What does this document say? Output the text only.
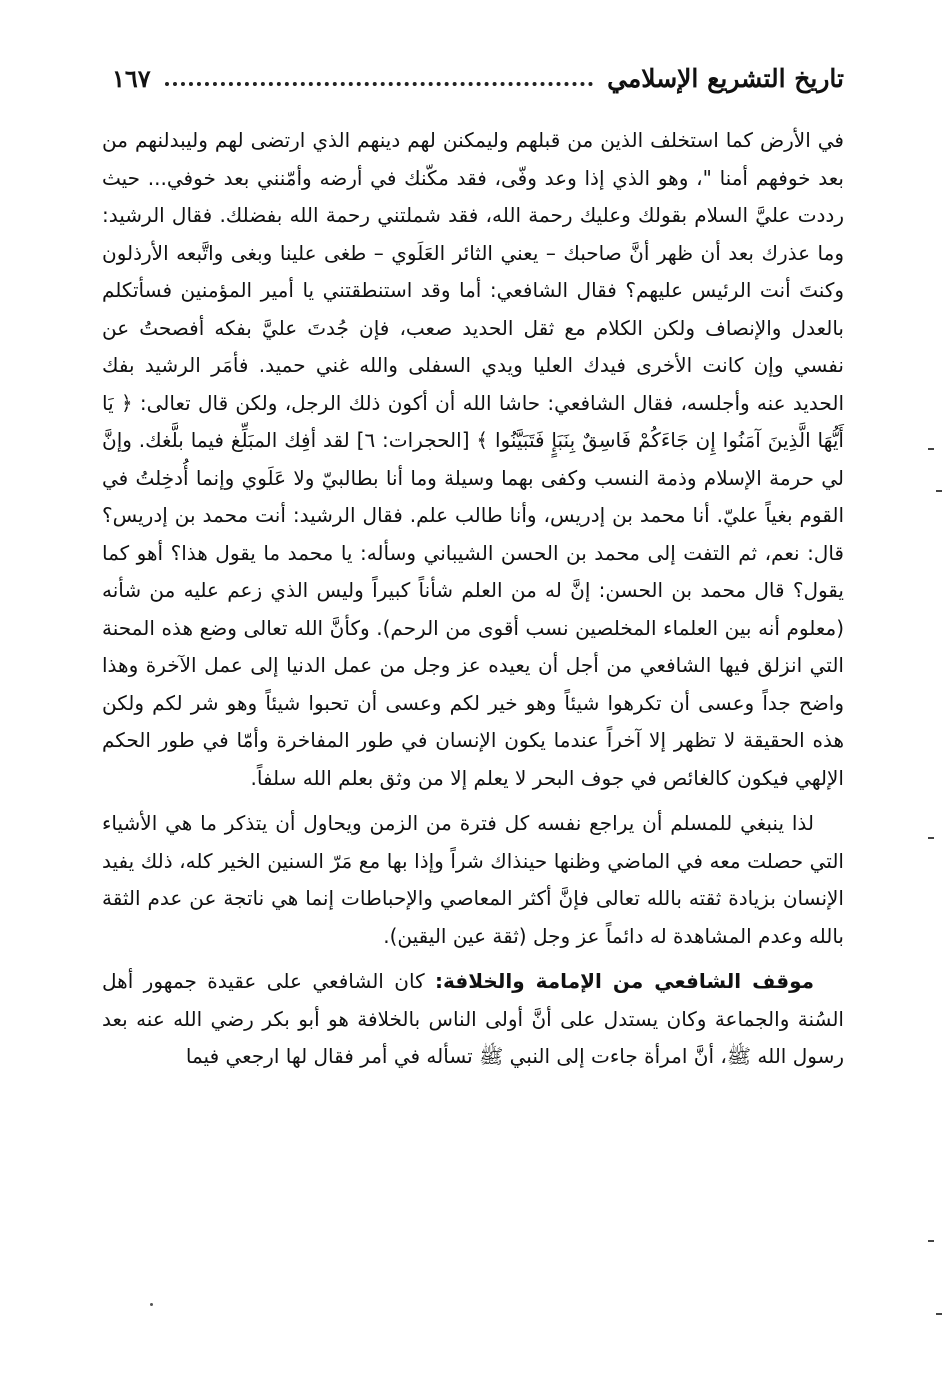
تاريخ التشريع الإسلامي
١٦٧

في الأرض كما استخلف الذين من قبلهم وليمكنن لهم دينهم الذي ارتضى لهم وليبدلنهم من بعد خوفهم أمنا "، وهو الذي إذا وعد وفّى، فقد مكّنك في أرضه وأمّنني بعد خوفي... حيث رددت عليَّ السلام بقولك وعليك رحمة الله، فقد شملتني رحمة الله بفضلك. فقال الرشيد: وما عذرك بعد أن ظهر أنَّ صاحبك – يعني الثائر العَلَوي – طغى علينا وبغى واتَّبعه الأرذلون وكنتَ أنت الرئيس عليهم؟ فقال الشافعي: أما وقد استنطقتني يا أمير المؤمنين فسأتكلم بالعدل والإنصاف ولكن الكلام مع ثقل الحديد صعب، فإن جُدتَ عليَّ بفكه أفصحتُ عن نفسي وإن كانت الأخرى فيدك العليا ويدي السفلى والله غني حميد. فأمَر الرشيد بفك الحديد عنه وأجلسه، فقال الشافعي: حاشا الله أن أكون ذلك الرجل، ولكن قال تعالى: ﴿ يَا أَيُّهَا الَّذِينَ آمَنُوا إِن جَاءَكُمْ فَاسِقٌ بِنَبَإٍ فَتَبَيَّنُوا ﴾ [الحجرات: ٦] لقد أفِك المبَلِّغ فيما بلَّغك. وإنَّ لي حرمة الإسلام وذمة النسب وكفى بهما وسيلة وما أنا بطالبيّ ولا عَلَوي وإنما أُدخِلتُ في القوم بغياً عليّ. أنا محمد بن إدريس، وأنا طالب علم. فقال الرشيد: أنت محمد بن إدريس؟ قال: نعم، ثم التفت إلى محمد بن الحسن الشيباني وسأله: يا محمد ما يقول هذا؟ أهو كما يقول؟ قال محمد بن الحسن: إنَّ له من العلم شأناً كبيراً وليس الذي زعم عليه من شأنه (معلوم أنه بين العلماء المخلصين نسب أقوى من الرحم). وكأنَّ الله تعالى وضع هذه المحنة التي انزلق فيها الشافعي من أجل أن يعيده عز وجل من عمل الدنيا إلى عمل الآخرة وهذا واضح جداً وعسى أن تكرهوا شيئاً وهو خير لكم وعسى أن تحبوا شيئاً وهو شر لكم ولكن هذه الحقيقة لا تظهر إلا آخراً عندما يكون الإنسان في طور المفاخرة وأمّا في طور الحكم الإلهي فيكون كالغائص في جوف البحر لا يعلم إلا من وثق بعلم الله سلفاً.

لذا ينبغي للمسلم أن يراجع نفسه كل فترة من الزمن ويحاول أن يتذكر ما هي الأشياء التي حصلت معه في الماضي وظنها حينذاك شراً وإذا بها مع مَرّ السنين الخير كله، ذلك يفيد الإنسان بزيادة ثقته بالله تعالى فإنَّ أكثر المعاصي والإحباطات إنما هي ناتجة عن عدم الثقة بالله وعدم المشاهدة له دائماً عز وجل (ثقة عين اليقين).

موقف الشافعي من الإمامة والخلافة: كان الشافعي على عقيدة جمهور أهل السُنة والجماعة وكان يستدل على أنَّ أولى الناس بالخلافة هو أبو بكر رضي الله عنه بعد رسول الله ﷺ، أنَّ امرأة جاءت إلى النبي ﷺ تسأله في أمر فقال لها ارجعي فيما
